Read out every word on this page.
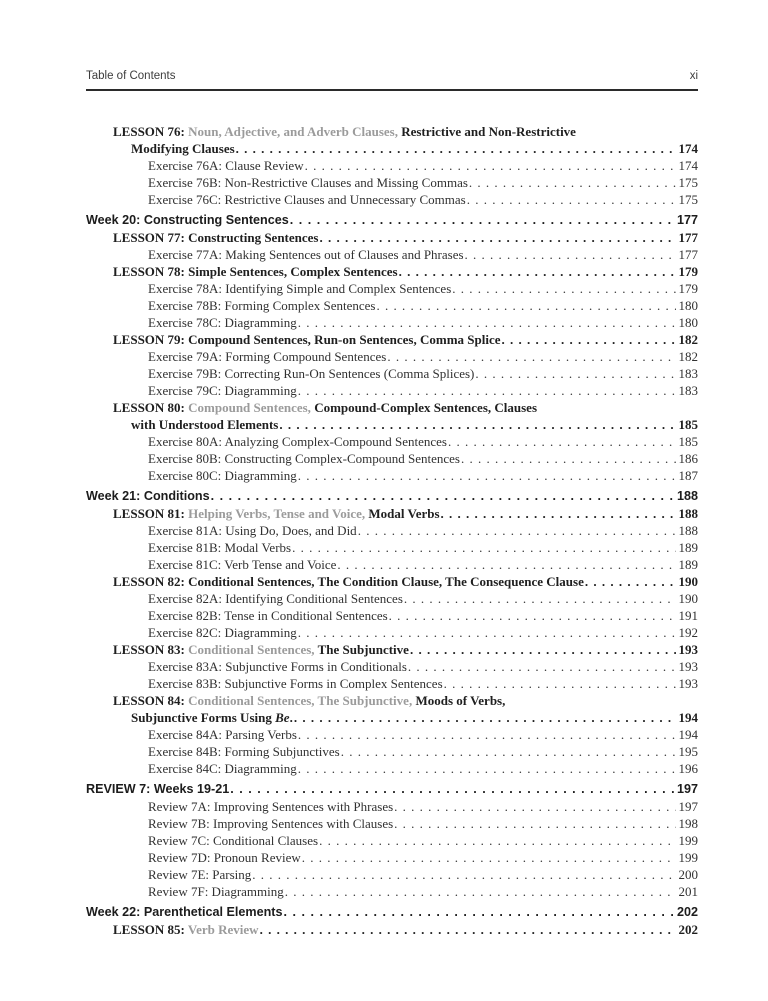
Table of Contents	xi
LESSON 76: Noun, Adjective, and Adverb Clauses, Restrictive and Non-Restrictive
Modifying Clauses . . .	174
Exercise 76A: Clause Review . . .	174
Exercise 76B: Non-Restrictive Clauses and Missing Commas . . .	175
Exercise 76C: Restrictive Clauses and Unnecessary Commas . . .	175
Week 20: Constructing Sentences . . .	177
LESSON 77: Constructing Sentences . . .	177
Exercise 77A: Making Sentences out of Clauses and Phrases . . .	177
LESSON 78: Simple Sentences, Complex Sentences . . .	179
Exercise 78A: Identifying Simple and Complex Sentences . . .	179
Exercise 78B: Forming Complex Sentences . . .	180
Exercise 78C: Diagramming . . .	180
LESSON 79: Compound Sentences, Run-on Sentences, Comma Splice . . .	182
Exercise 79A: Forming Compound Sentences . . .	182
Exercise 79B: Correcting Run-On Sentences (Comma Splices) . . .	183
Exercise 79C: Diagramming . . .	183
LESSON 80: Compound Sentences, Compound-Complex Sentences, Clauses
with Understood Elements . . .	185
Exercise 80A: Analyzing Complex-Compound Sentences . . .	185
Exercise 80B: Constructing Complex-Compound Sentences . . .	186
Exercise 80C: Diagramming . . .	187
Week 21: Conditions . . .	188
LESSON 81: Helping Verbs, Tense and Voice, Modal Verbs . . .	188
Exercise 81A: Using Do, Does, and Did . . .	188
Exercise 81B: Modal Verbs . . .	189
Exercise 81C: Verb Tense and Voice . . .	189
LESSON 82: Conditional Sentences, The Condition Clause, The Consequence Clause . . .	190
Exercise 82A: Identifying Conditional Sentences . . .	190
Exercise 82B: Tense in Conditional Sentences . . .	191
Exercise 82C: Diagramming . . .	192
LESSON 83: Conditional Sentences, The Subjunctive . . .	193
Exercise 83A: Subjunctive Forms in Conditionals . . .	193
Exercise 83B: Subjunctive Forms in Complex Sentences . . .	193
LESSON 84: Conditional Sentences, The Subjunctive, Moods of Verbs,
Subjunctive Forms Using Be. . . .	194
Exercise 84A: Parsing Verbs . . .	194
Exercise 84B: Forming Subjunctives . . .	195
Exercise 84C: Diagramming . . .	196
REVIEW 7: Weeks 19-21 . . .	197
Review 7A: Improving Sentences with Phrases . . .	197
Review 7B: Improving Sentences with Clauses . . .	198
Review 7C: Conditional Clauses . . .	199
Review 7D: Pronoun Review . . .	199
Review 7E: Parsing . . .	200
Review 7F: Diagramming . . .	201
Week 22: Parenthetical Elements . . .	202
LESSON 85: Verb Review . . .	202
